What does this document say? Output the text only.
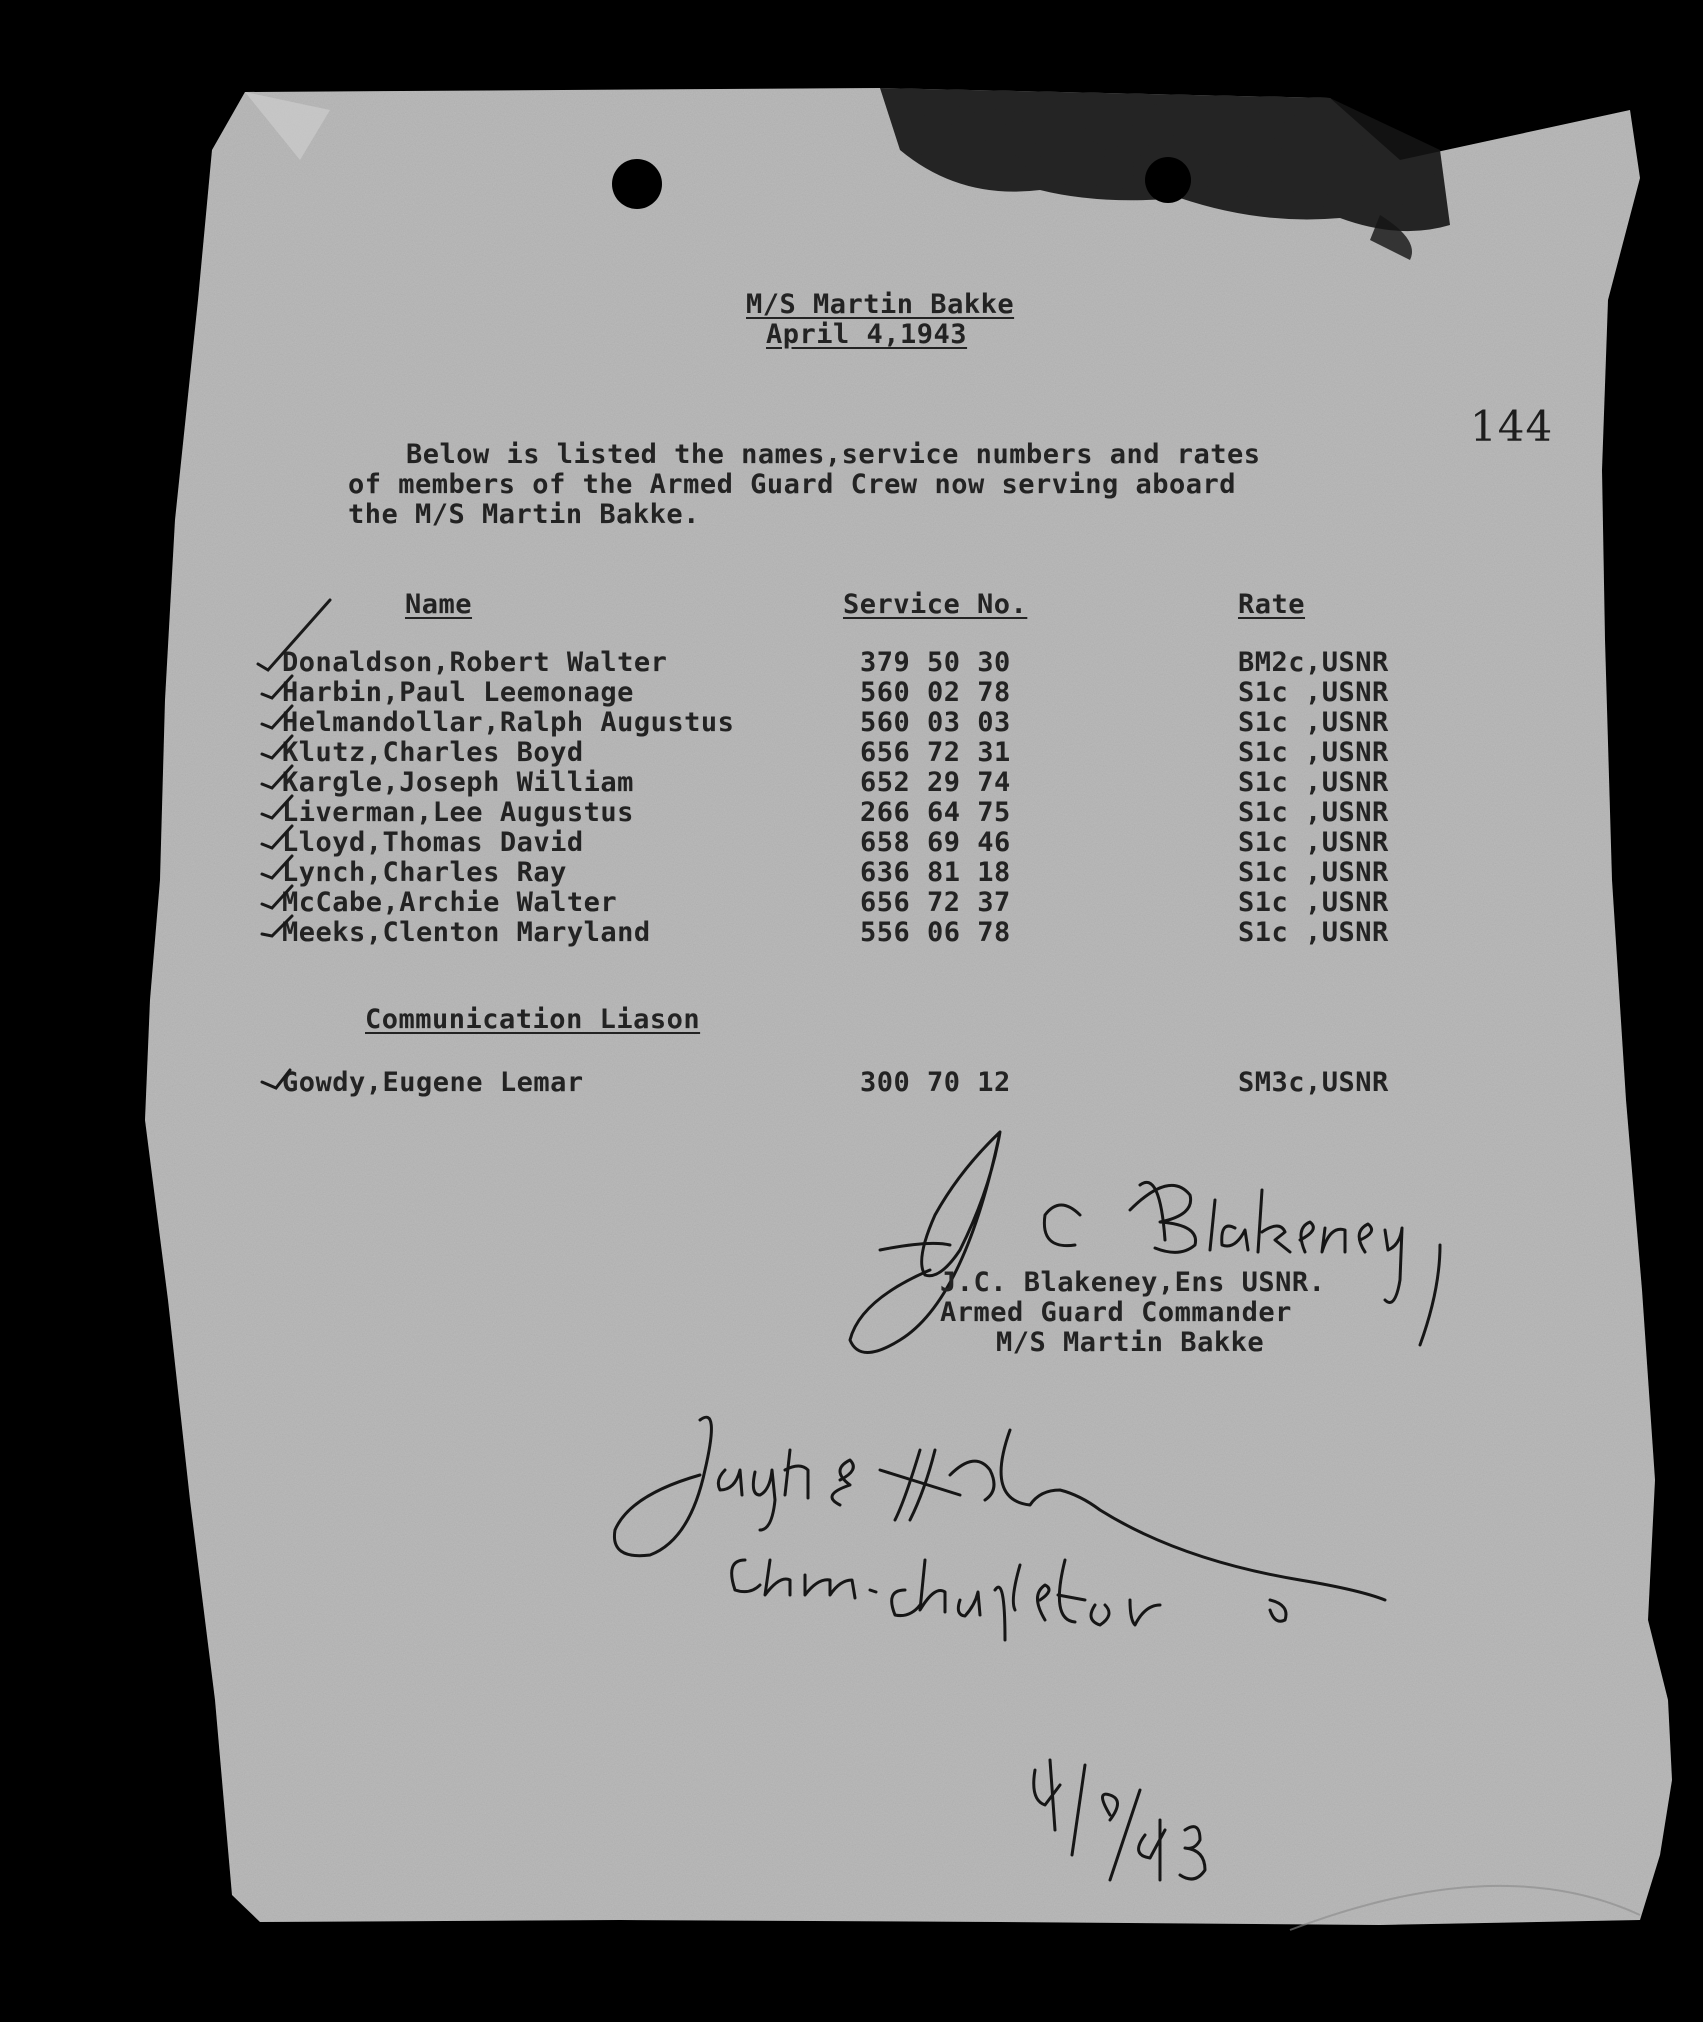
M/S Martin Bakke
April 4,1943
144
Below is listed the names,service numbers and rates
of members of the Armed Guard Crew now serving aboard
the M/S Martin Bakke.
Name	Service No.	Rate
Donaldson,Robert Walter	379 50 30	BM2c,USNR
Harbin,Paul Leemonage	560 02 78	S1c ,USNR
Helmandollar,Ralph Augustus	560 03 03	S1c ,USNR
Klutz,Charles Boyd	656 72 31	S1c ,USNR
Kargle,Joseph William	652 29 74	S1c ,USNR
Liverman,Lee Augustus	266 64 75	S1c ,USNR
Lloyd,Thomas David	658 69 46	S1c ,USNR
Lynch,Charles Ray	636 81 18	S1c ,USNR
McCabe,Archie Walter	656 72 37	S1c ,USNR
Meeks,Clenton Maryland	556 06 78	S1c ,USNR
Communication Liason
Gowdy,Eugene Lemar	300 70 12	SM3c,USNR
J.C. Blakeney,Ens USNR.
Armed Guard Commander
M/S Martin Bakke
